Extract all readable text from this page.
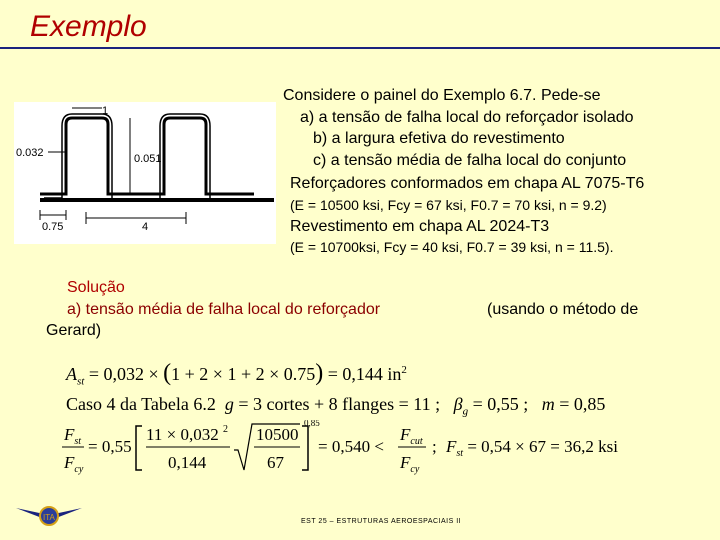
Exemplo
1
0.032	0.051
0.75	4
Considere o painel do Exemplo 6.7. Pede-se
a) a tensão de falha local do reforçador isolado
b) a largura efetiva do revestimento
c) a tensão média de falha local do conjunto
Reforçadores conformados em chapa AL 7075-T6
(E = 10500 ksi, Fcy = 67 ksi, F0.7 = 70 ksi, n = 9.2)
Revestimento em chapa AL 2024-T3
(E = 10700ksi, Fcy = 40 ksi, F0.7 = 39 ksi, n = 11.5).
Solução
a) tensão média de falha local do reforçador	(usando o método de
Gerard)
$A_{st} = 0,032 \times (1 + 2 \times 1 + 2 \times 0.75) = 0,144$ $in^2$
Caso 4 da Tabela 6.2  g = 3 cortes + 8 flanges = 11 ;   $\beta_g = 0,55$ ;   m = 0,85
$F_{st}$
$F_{cy}$
= 0,55
11 × 0,032 2
0,144
10500
67
0,85
= 0,540 <
$F_{cut}$
$F_{cy}$
; $F_{st} = 0,54 \times 67 = 36,2$ ksi
ITA	EST 25 – ESTRUTURAS AEROESPACIAIS II
